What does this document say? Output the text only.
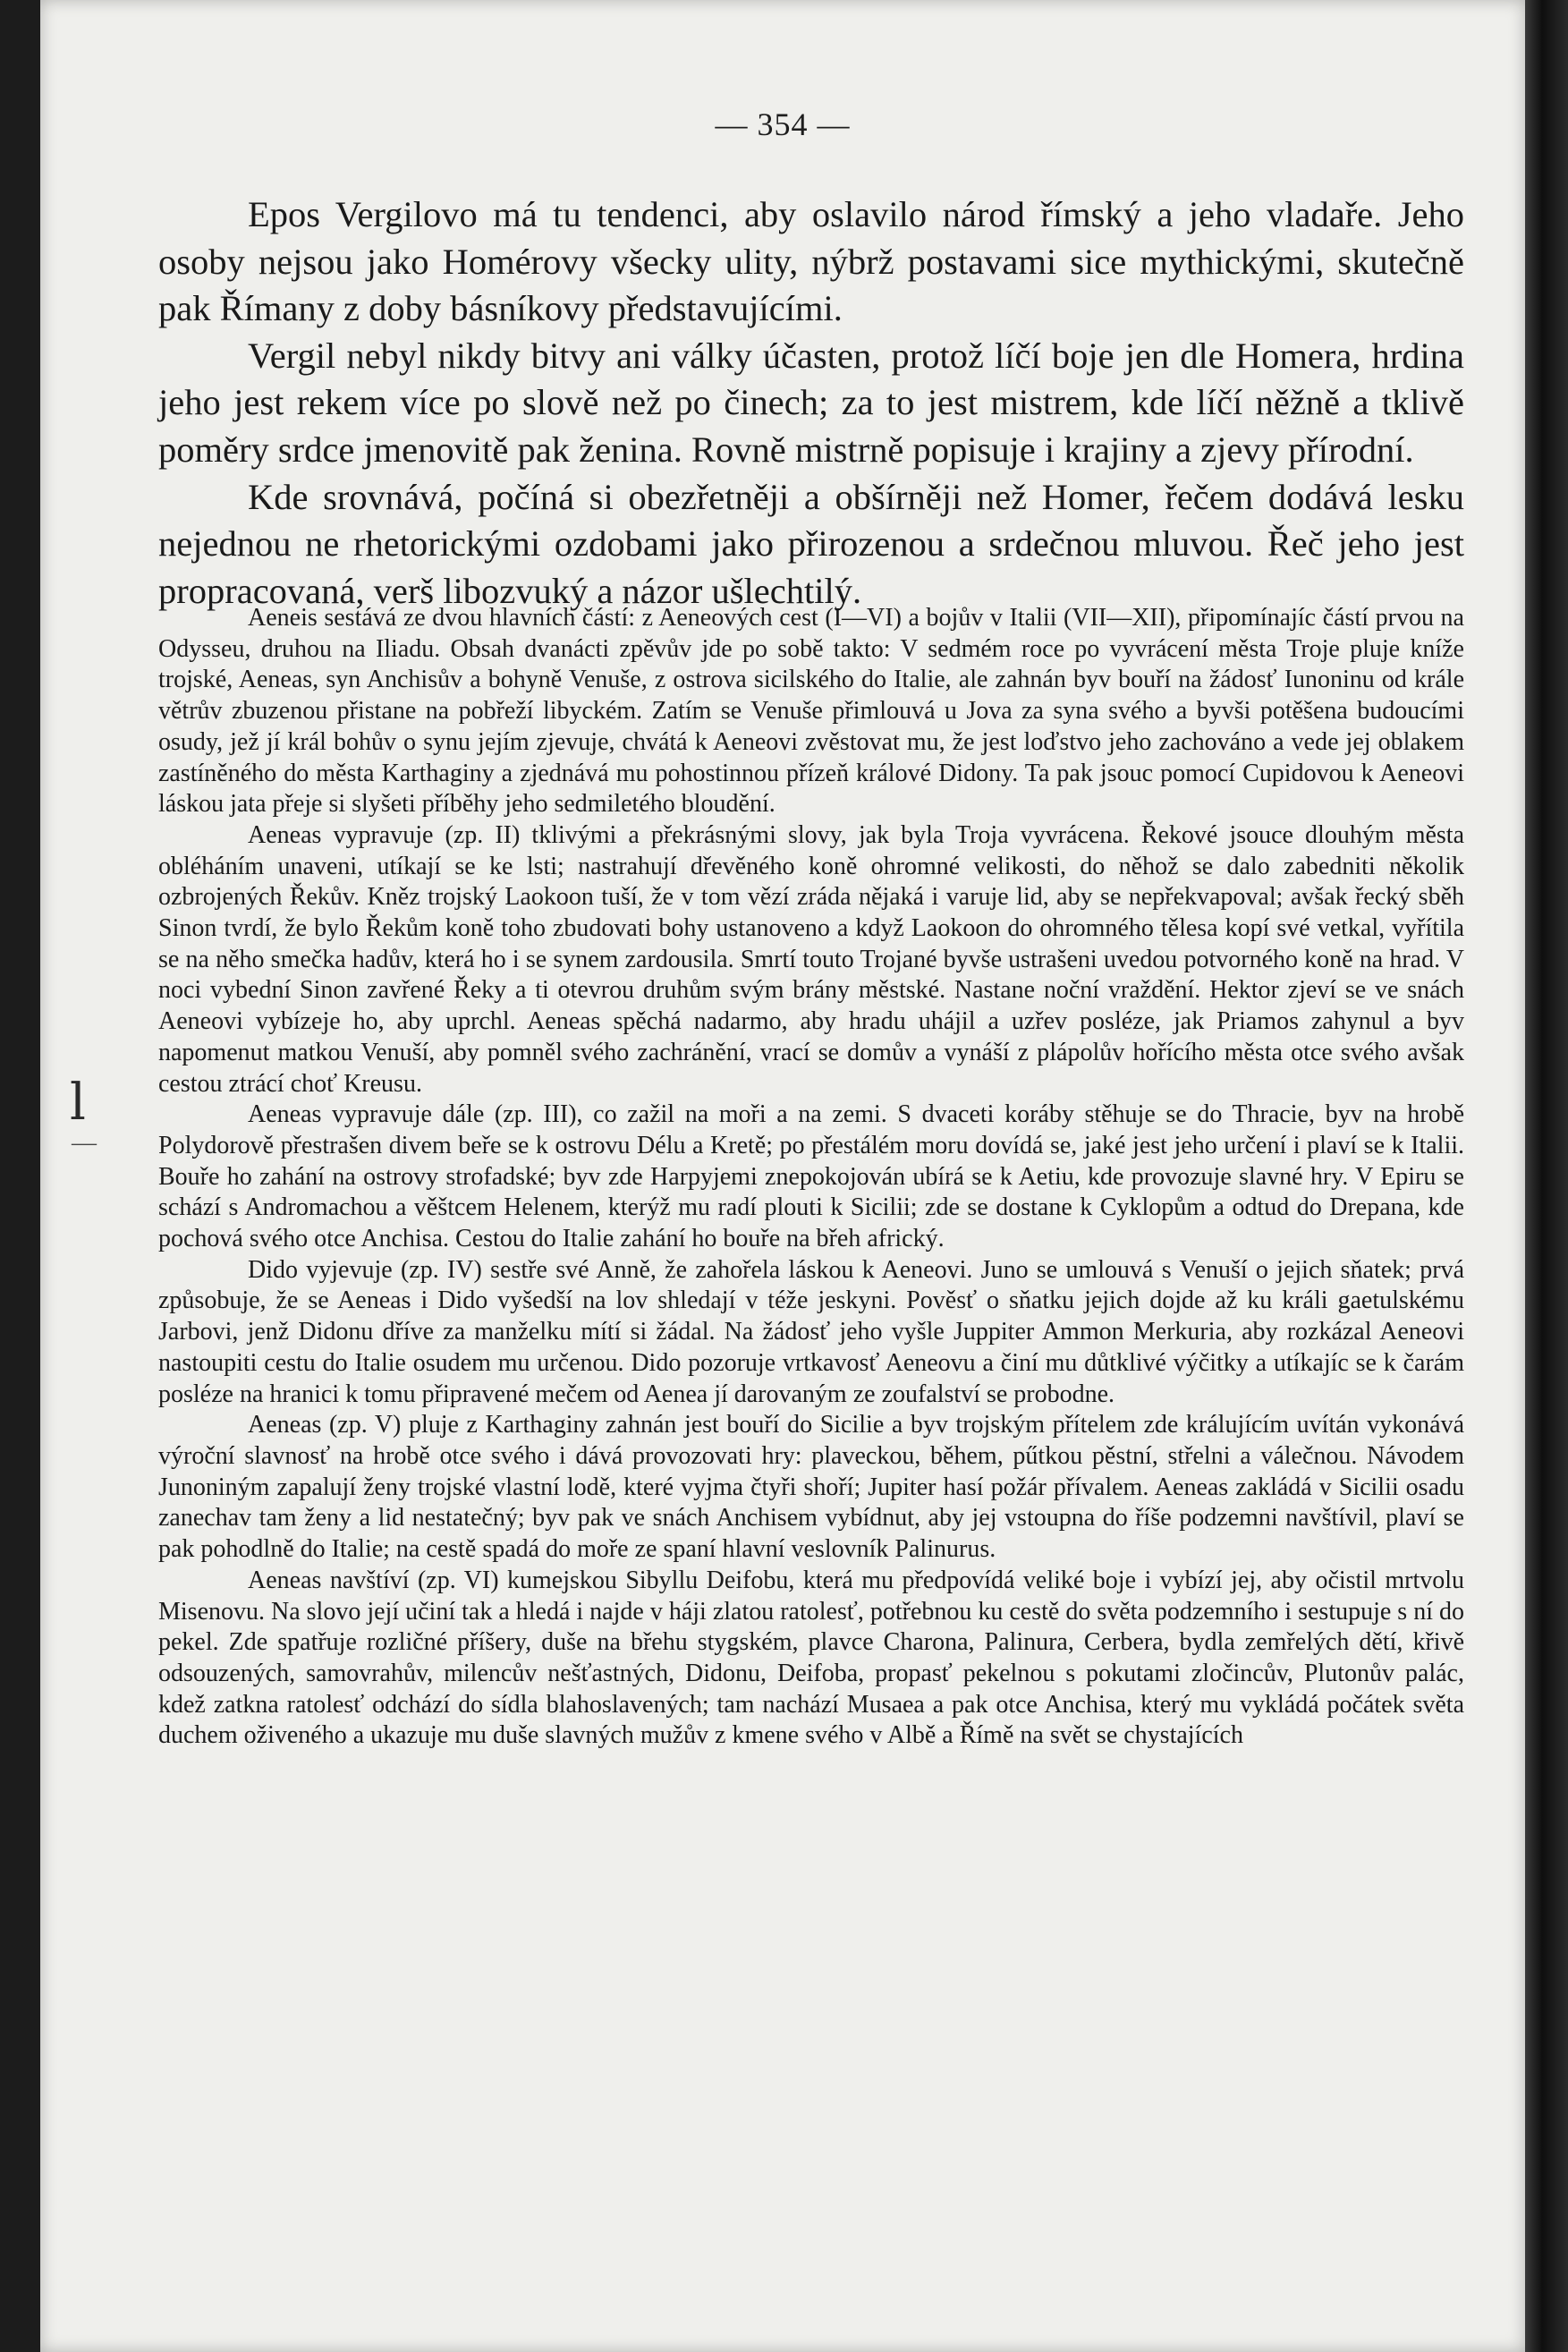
— 354 —

Epos Vergilovo má tu tendenci, aby oslavilo národ římský a jeho vladaře. Jeho osoby nejsou jako Homérovy všecky ulity, nýbrž postavami sice mythickými, skutečně pak Římany z doby básníkovy představujícími.

Vergil nebyl nikdy bitvy ani války účasten, protož líčí boje jen dle Homera, hrdina jeho jest rekem více po slově než po činech; za to jest mistrem, kde líčí něžně a tklivě poměry srdce jmenovitě pak ženina. Rovně mistrně popisuje i krajiny a zjevy přírodní.

Kde srovnává, počíná si obezřetněji a obšírněji než Homer, řečem dodává lesku nejednou ne rhetorickými ozdobami jako přirozenou a srdečnou mluvou. Řeč jeho jest propracovaná, verš libozvuký a názor ušlechtilý.

Aeneis sestává ze dvou hlavních částí: z Aeneových cest (I—VI) a bojův v Italii (VII—XII), připomínajíc částí prvou na Odysseu, druhou na Iliadu. Obsah dvanácti zpěvův jde po sobě takto: V sedmém roce po vyvrácení města Troje pluje kníže trojské, Aeneas, syn Anchisův a bohyně Venuše, z ostrova sicilského do Italie, ale zahnán byv bouří na žádosť Iunoninu od krále větrův zbuzenou přistane na pobřeží libyckém. Zatím se Venuše přimlouvá u Jova za syna svého a byvši potěšena budoucími osudy, jež jí král bohův o synu jejím zjevuje, chvátá k Aeneovi zvěstovat mu, že jest loďstvo jeho zachováno a vede jej oblakem zastíněného do města Karthaginy a zjednává mu pohostinnou přízeň králové Didony. Ta pak jsouc pomocí Cupidovou k Aeneovi láskou jata přeje si slyšeti příběhy jeho sedmiletého bloudění.

Aeneas vypravuje (zp. II) tklivými a překrásnými slovy, jak byla Troja vyvrácena. Řekové jsouce dlouhým města obléháním unaveni, utíkají se ke lsti; nastrahují dřevěného koně ohromné velikosti, do něhož se dalo zabedniti několik ozbrojených Řekův. Kněz trojský Laokoon tuší, že v tom vězí zráda nějaká i varuje lid, aby se nepřekvapoval; avšak řecký sběh Sinon tvrdí, že bylo Řekům koně toho zbudovati bohy ustanoveno a když Laokoon do ohromného tělesa kopí své vetkal, vyřítila se na něho smečka hadův, která ho i se synem zardousila. Smrtí touto Trojané byvše ustrašeni uvedou potvorného koně na hrad. V noci vybední Sinon zavřené Řeky a ti otevrou druhům svým brány městské. Nastane noční vraždění. Hektor zjeví se ve snách Aeneovi vybízeje ho, aby uprchl. Aeneas spěchá nadarmo, aby hradu uhájil a uzřev posléze, jak Priamos zahynul a byv napomenut matkou Venuší, aby pomněl svého zachránění, vrací se domův a vynáší z plápolův hořícího města otce svého avšak cestou ztrácí choť Kreusu.

Aeneas vypravuje dále (zp. III), co zažil na moři a na zemi. S dvaceti koráby stěhuje se do Thracie, byv na hrobě Polydorově přestrašen divem beře se k ostrovu Délu a Kretě; po přestálém moru dovídá se, jaké jest jeho určení i plaví se k Italii. Bouře ho zahání na ostrovy strofadské; byv zde Harpyjemi znepokojován ubírá se k Aetiu, kde provozuje slavné hry. V Epiru se schází s Andromachou a věštcem Helenem, kterýž mu radí plouti k Sicilii; zde se dostane k Cyklopům a odtud do Drepana, kde pochová svého otce Anchisa. Cestou do Italie zahání ho bouře na břeh africký.

Dido vyjevuje (zp. IV) sestře své Anně, že zahořela láskou k Aeneovi. Juno se umlouvá s Venuší o jejich sňatek; prvá způsobuje, že se Aeneas i Dido vyšedší na lov shledají v téže jeskyni. Pověsť o sňatku jejich dojde až ku králi gaetulskému Jarbovi, jenž Didonu dříve za manželku mítí si žádal. Na žádosť jeho vyšle Juppiter Ammon Merkuria, aby rozkázal Aeneovi nastoupiti cestu do Italie osudem mu určenou. Dido pozoruje vrtkavosť Aeneovu a činí mu důtklivé výčitky a utíkajíc se k čarám posléze na hranici k tomu připravené mečem od Aenea jí darovaným ze zoufalství se probodne.

Aeneas (zp. V) pluje z Karthaginy zahnán jest bouří do Sicilie a byv trojským přítelem zde králujícím uvítán vykonává výroční slavnosť na hrobě otce svého i dává provozovati hry: plaveckou, během, pűtkou pěstní, střelni a válečnou. Návodem Junoniným zapalují ženy trojské vlastní lodě, které vyjma čtyři shoří; Jupiter hasí požár přívalem. Aeneas zakládá v Sicilii osadu zanechav tam ženy a lid nestatečný; byv pak ve snách Anchisem vybídnut, aby jej vstoupna do říše podzemni navštívil, plaví se pak pohodlně do Italie; na cestě spadá do moře ze spaní hlavní veslovník Palinurus.

Aeneas navštíví (zp. VI) kumejskou Sibyllu Deifobu, která mu předpovídá veliké boje i vybízí jej, aby očistil mrtvolu Misenovu. Na slovo její učiní tak a hledá i najde v háji zlatou ratolesť, potřebnou ku cestě do světa podzemního i sestupuje s ní do pekel. Zde spatřuje rozličné příšery, duše na břehu stygském, plavce Charona, Palinura, Cerbera, bydla zemřelých dětí, křivě odsouzených, samovrahův, milencův nešťastných, Didonu, Deifoba, propasť pekelnou s pokutami zločincův, Plutonův palác, kdež zatkna ratolesť odchází do sídla blahoslavených; tam nachází Musaea a pak otce Anchisa, který mu vykládá počátek světa duchem oživeného a ukazuje mu duše slavných mužův z kmene svého v Albě a Římě na svět se chystajících

l
—
